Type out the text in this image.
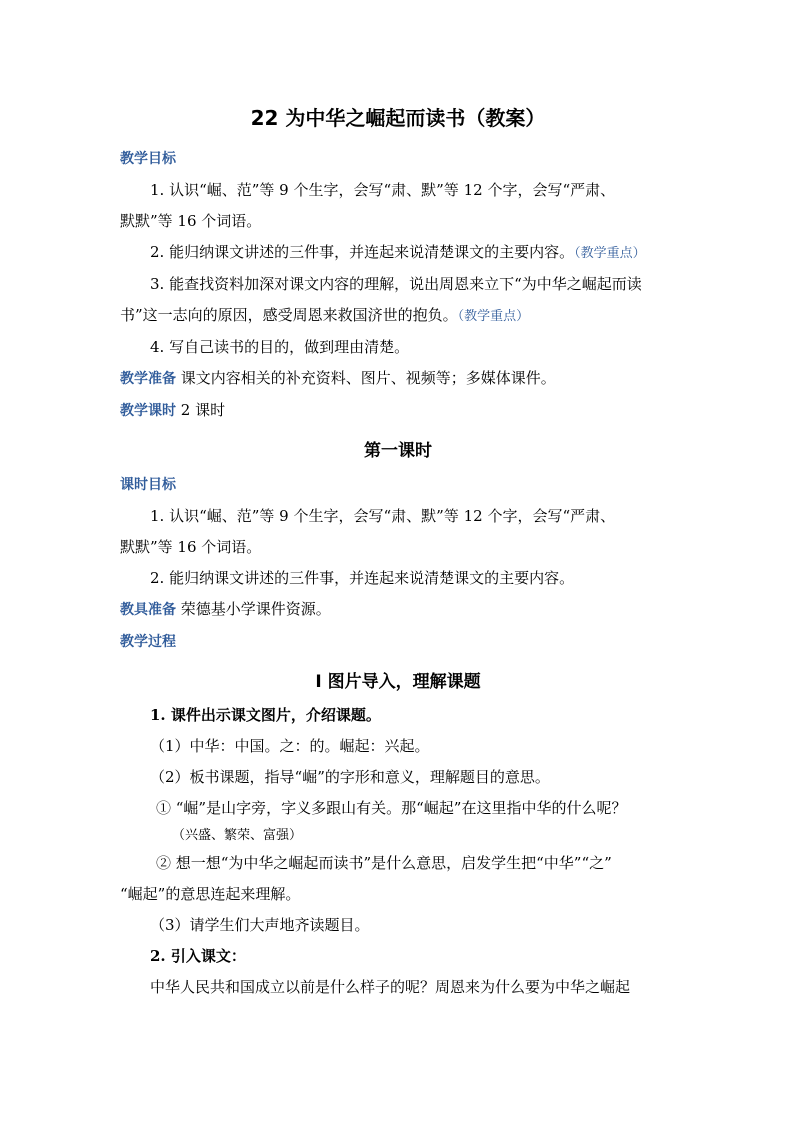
22 为中华之崛起而读书（教案）
教学目标
1. 认识“崛、范”等 9 个生字，会写“肃、默”等 12 个字，会写“严肃、
默默”等 16 个词语。
2. 能归纳课文讲述的三件事，并连起来说清楚课文的主要内容。（教学重点）
3. 能查找资料加深对课文内容的理解，说出周恩来立下“为中华之崛起而读
书”这一志向的原因，感受周恩来救国济世的抱负。（教学重点）
4. 写自己读书的目的，做到理由清楚。
教学准备 课文内容相关的补充资料、图片、视频等；多媒体课件。
教学课时 2 课时
第一课时
课时目标
1. 认识“崛、范”等 9 个生字，会写“肃、默”等 12 个字，会写“严肃、
默默”等 16 个词语。
2. 能归纳课文讲述的三件事，并连起来说清楚课文的主要内容。
教具准备 荣德基小学课件资源。
教学过程
Ⅰ 图片导入，理解课题
1. 课件出示课文图片，介绍课题。
（1）中华：中国。之：的。崛起：兴起。
（2）板书课题，指导“崛”的字形和意义，理解题目的意思。
① “崛”是山字旁，字义多跟山有关。那“崛起”在这里指中华的什么呢？
（兴盛、繁荣、富强）
② 想一想“为中华之崛起而读书”是什么意思，启发学生把“中华”“之”
“崛起”的意思连起来理解。
（3）请学生们大声地齐读题目。
2. 引入课文：
中华人民共和国成立以前是什么样子的呢？周恩来为什么要为中华之崛起
